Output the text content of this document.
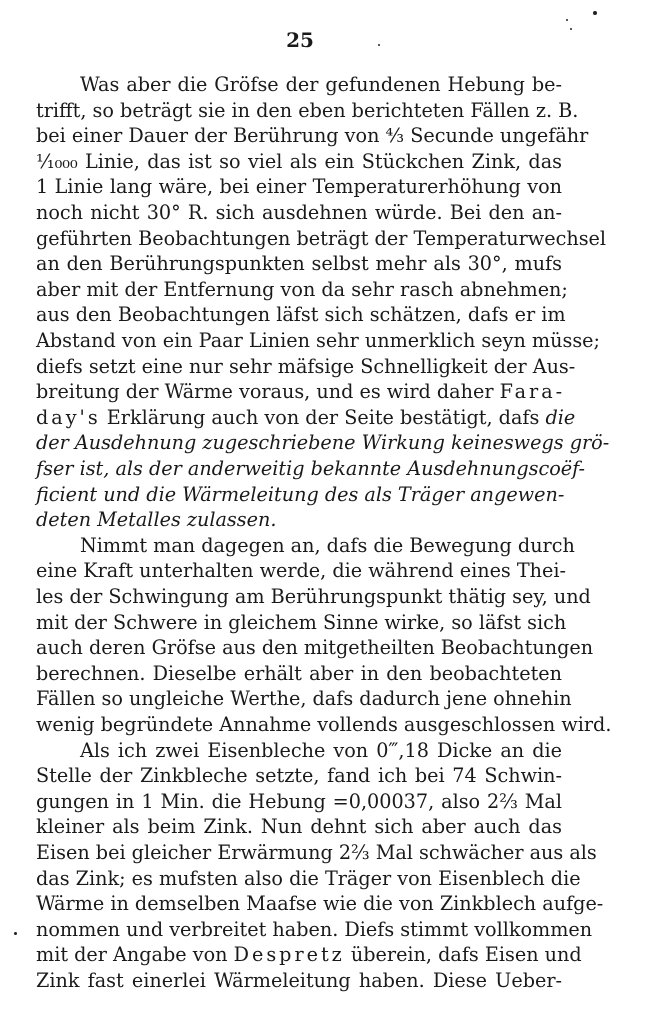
25
Was aber die Gröfse der gefundenen Hebung be-
trifft, so beträgt sie in den eben berichteten Fällen z. B.
bei einer Dauer der Berührung von ⁴⁄₃ Secunde ungefähr
¹⁄₁₀₀₀ Linie, das ist so viel als ein Stückchen Zink, das
1 Linie lang wäre, bei einer Temperaturerhöhung von
noch nicht 30° R. sich ausdehnen würde. Bei den an-
geführten Beobachtungen beträgt der Temperaturwechsel
an den Berührungspunkten selbst mehr als 30°, mufs
aber mit der Entfernung von da sehr rasch abnehmen;
aus den Beobachtungen läfst sich schätzen, dafs er im
Abstand von ein Paar Linien sehr unmerklich seyn müsse;
diefs setzt eine nur sehr mäfsige Schnelligkeit der Aus-
breitung der Wärme voraus, und es wird daher Fara-
day's Erklärung auch von der Seite bestätigt, dafs die
der Ausdehnung zugeschriebene Wirkung keineswegs grö-
fser ist, als der anderweitig bekannte Ausdehnungscoëf-
ficient und die Wärmeleitung des als Träger angewen-
deten Metalles zulassen.
Nimmt man dagegen an, dafs die Bewegung durch
eine Kraft unterhalten werde, die während eines Thei-
les der Schwingung am Berührungspunkt thätig sey, und
mit der Schwere in gleichem Sinne wirke, so läfst sich
auch deren Gröfse aus den mitgetheilten Beobachtungen
berechnen. Dieselbe erhält aber in den beobachteten
Fällen so ungleiche Werthe, dafs dadurch jene ohnehin
wenig begründete Annahme vollends ausgeschlossen wird.
Als ich zwei Eisenbleche von 0‴,18 Dicke an die
Stelle der Zinkbleche setzte, fand ich bei 74 Schwin-
gungen in 1 Min. die Hebung =0,00037, also 2⅔ Mal
kleiner als beim Zink. Nun dehnt sich aber auch das
Eisen bei gleicher Erwärmung 2⅔ Mal schwächer aus als
das Zink; es mufsten also die Träger von Eisenblech die
Wärme in demselben Maafse wie die von Zinkblech aufge-
nommen und verbreitet haben. Diefs stimmt vollkommen
mit der Angabe von Despretz überein, dafs Eisen und
Zink fast einerlei Wärmeleitung haben. Diese Ueber-
